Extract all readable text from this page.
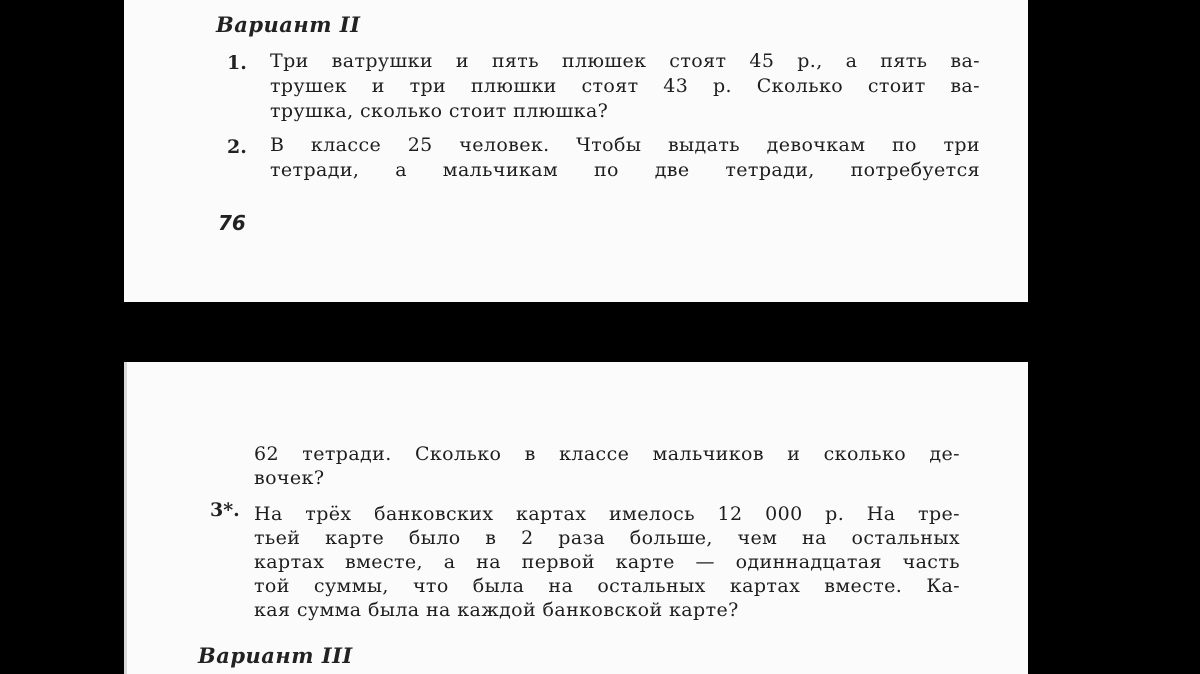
Вариант II
1. Три ватрушки и пять плюшек стоят 45 р., а пять ва-
трушек и три плюшки стоят 43 р. Сколько стоит ва-
трушка, сколько стоит плюшка?
2. В классе 25 человек. Чтобы выдать девочкам по три
тетради, а мальчикам по две тетради, потребуется
76
62 тетради. Сколько в классе мальчиков и сколько де-
вочек?
3*. На трёх банковских картах имелось 12 000 р. На тре-
тьей карте было в 2 раза больше, чем на остальных
картах вместе, а на первой карте — одиннадцатая часть
той суммы, что была на остальных картах вместе. Ка-
кая сумма была на каждой банковской карте?
Вариант III
